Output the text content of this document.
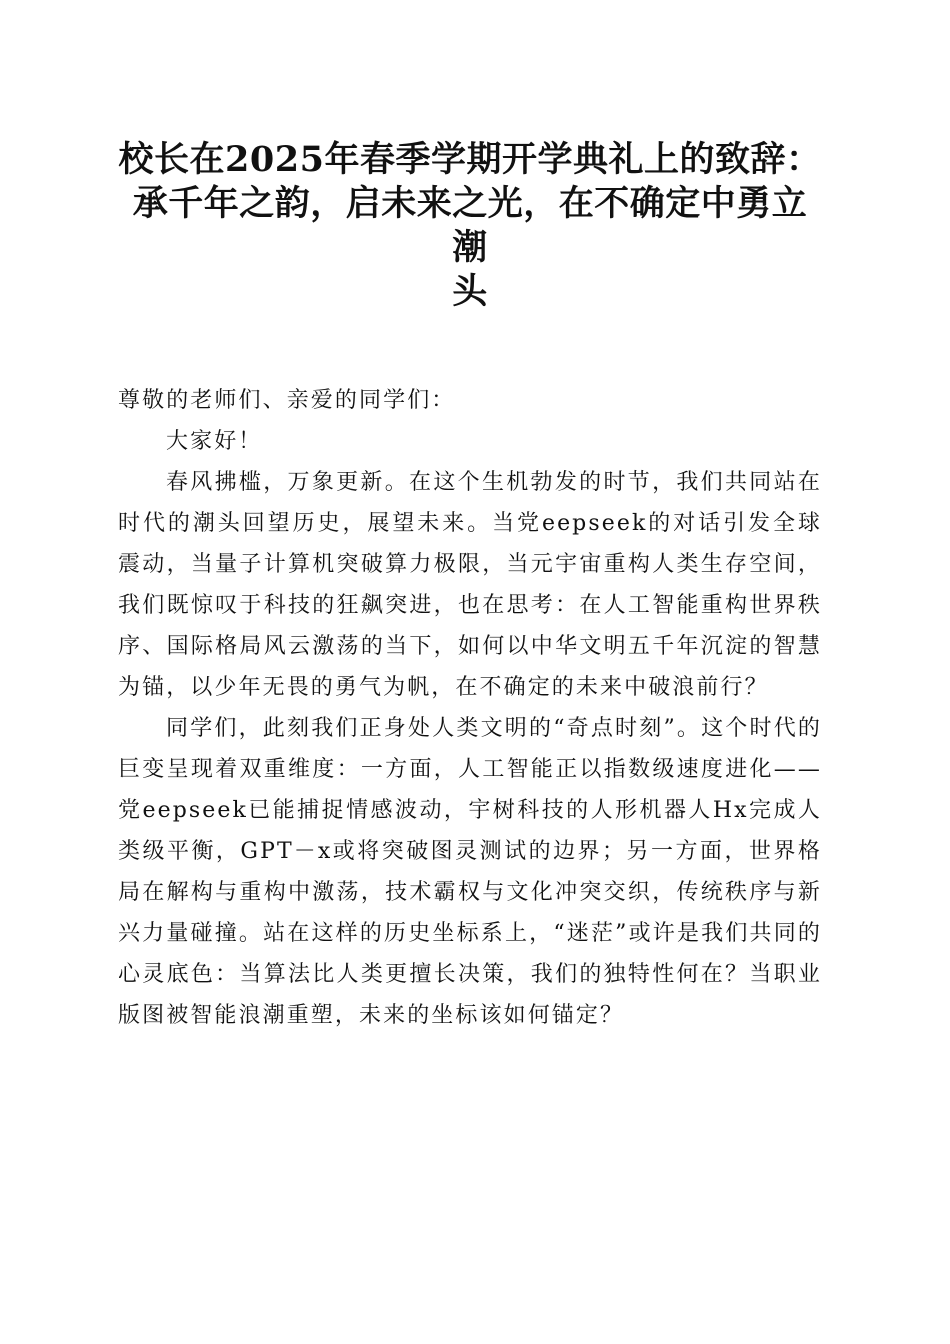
校长在2025年春季学期开学典礼上的致辞：
承千年之韵，启未来之光，在不确定中勇立潮
头

尊敬的老师们、亲爱的同学们：

大家好！

春风拂槛，万象更新。在这个生机勃发的时节，我们共同站在时代的潮头回望历史，展望未来。当党eepseek的对话引发全球震动，当量子计算机突破算力极限，当元宇宙重构人类生存空间，我们既惊叹于科技的狂飙突进，也在思考：在人工智能重构世界秩序、国际格局风云激荡的当下，如何以中华文明五千年沉淀的智慧为锚，以少年无畏的勇气为帆，在不确定的未来中破浪前行？

同学们，此刻我们正身处人类文明的“奇点时刻”。这个时代的巨变呈现着双重维度：一方面，人工智能正以指数级速度进化——党eepseek已能捕捉情感波动，宇树科技的人形机器人Hx完成人类级平衡，GPT－x或将突破图灵测试的边界；另一方面，世界格局在解构与重构中激荡，技术霸权与文化冲突交织，传统秩序与新兴力量碰撞。站在这样的历史坐标系上，“迷茫”或许是我们共同的心灵底色：当算法比人类更擅长决策，我们的独特性何在？当职业版图被智能浪潮重塑，未来的坐标该如何锚定？
